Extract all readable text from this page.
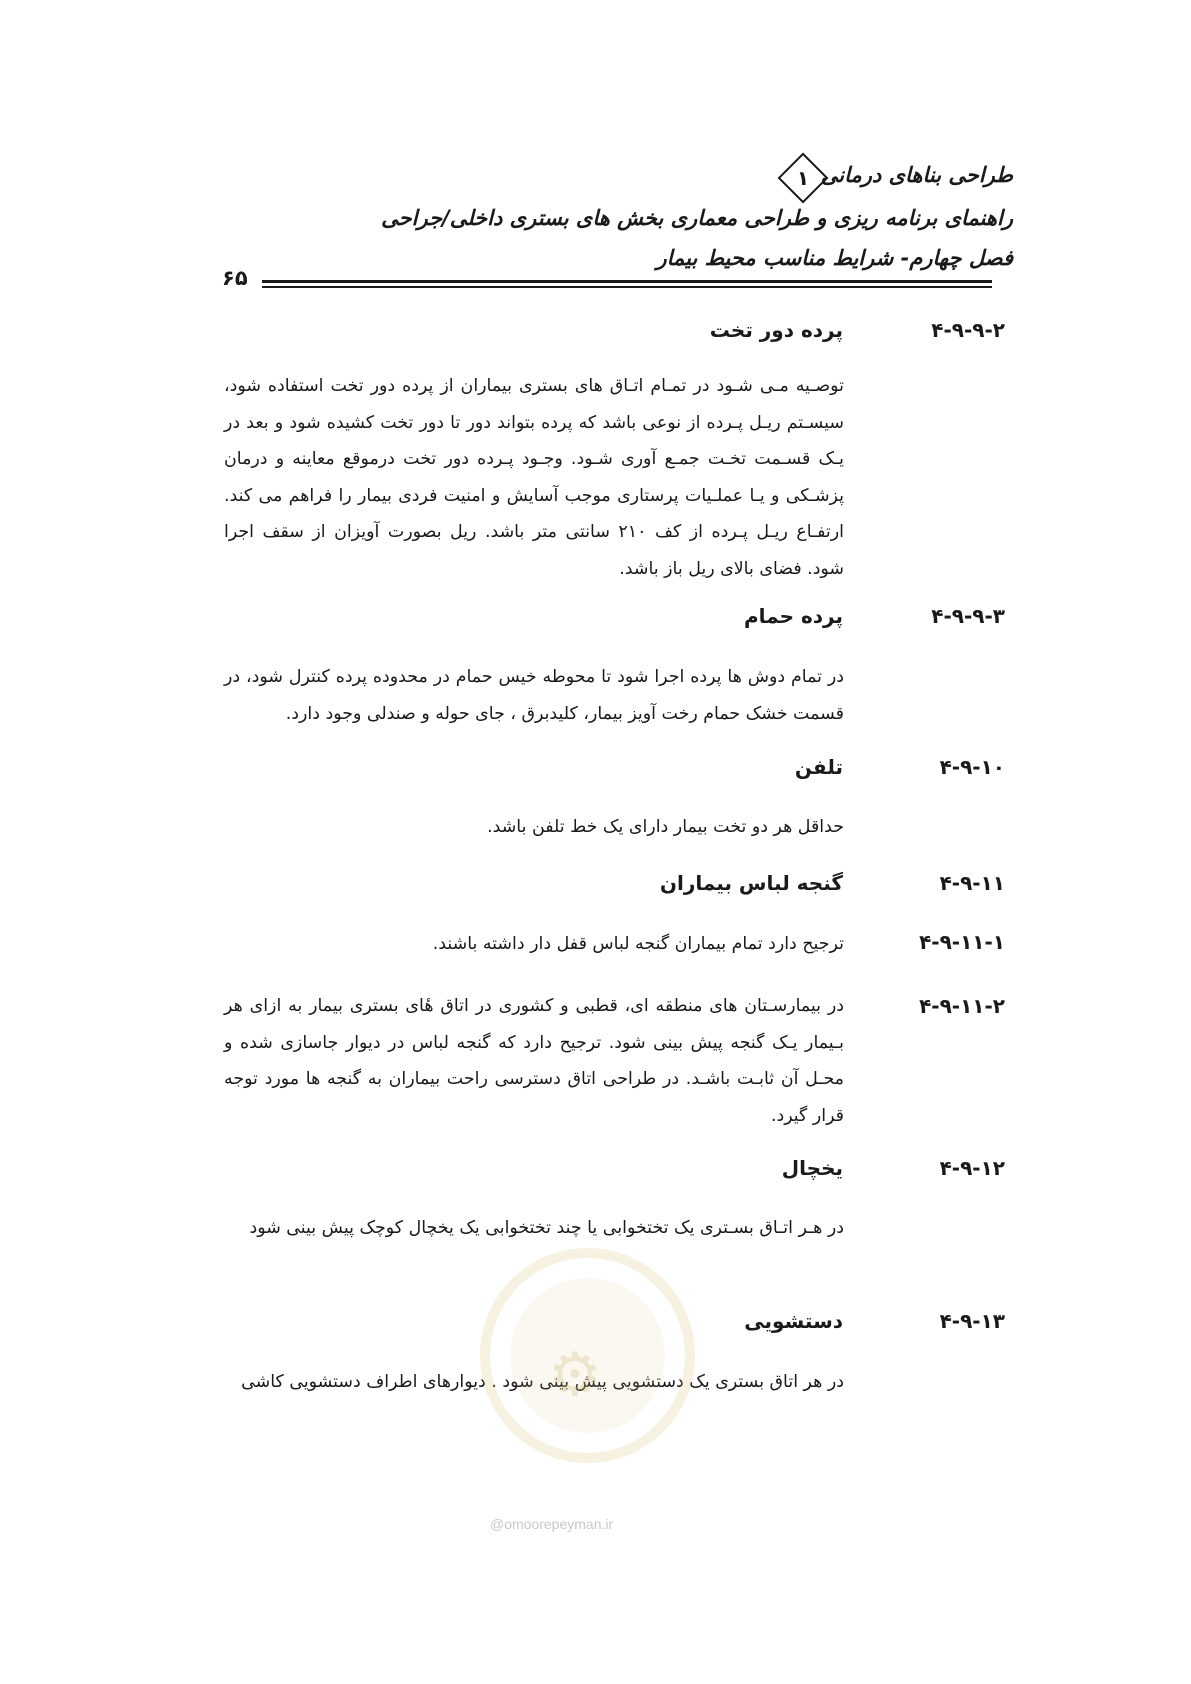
طراحی بناهای درمانی
۱
راهنمای برنامه ریزی و طراحی معماری بخش های بستری داخلی/جراحی
فصل چهارم- شرایط مناسب محیط بیمار
۶۵
۴-۹-۹-۲
پرده دور تخت
توصـیه مـی شـود در تمـام اتـاق های بستری بیماران از پرده دور تخت استفاده شود، سیسـتم ریـل پـرده از نوعی باشد که پرده بتواند دور تا دور تخت کشیده شود و بعد در یـک قسـمت تخـت جمـع آوری شـود. وجـود پـرده دور تخت درموقع معاینه و درمان پزشـکی و یـا عملـیات پرستاری موجب آسایش و امنیت فردی بیمار را فراهم می کند. ارتفـاع ریـل پـرده از کف ۲۱۰ سانتی متر باشد. ریل بصورت آویزان از سقف اجرا شود. فضای بالای ریل باز باشد.
۴-۹-۹-۳
پرده حمام
در تمام دوش ها پرده اجرا شود تا محوطه خیس حمام در محدوده پرده کنترل شود، در قسمت خشک حمام رخت آویز بیمار، کلیدبرق ، جای حوله و صندلی وجود دارد.
۴-۹-۱۰
تلفن
حداقل هر دو تخت بیمار دارای یک خط تلفن باشد.
۴-۹-۱۱
گنجه لباس بیماران
۴-۹-۱۱-۱
ترجیح دارد تمام بیماران گنجه لباس قفل دار داشته باشند.
۴-۹-۱۱-۲
در بیمارسـتان های منطقه ای، قطبی و کشوری در اتاق هٔای بستری بیمار به ازای هر بـیمار یـک گنجه پیش بینی شود. ترجیح دارد که گنجه لباس در دیوار جاسازی شده و محـل آن ثابـت باشـد. در طراحی اتاق دسترسی راحت بیماران به گنجه ها مورد توجه قرار گیرد.
۴-۹-۱۲
یخچال
در هـر اتـاق بسـتری یک تختخوابی یا چند تختخوابی یک یخچال کوچک پیش بینی شود
۴-۹-۱۳
دستشویی
در هر اتاق بستری یک دستشویی پیش بینی شود . دیوارهای اطراف دستشویی کاشی
⚙
@omoorepeyman.ir
